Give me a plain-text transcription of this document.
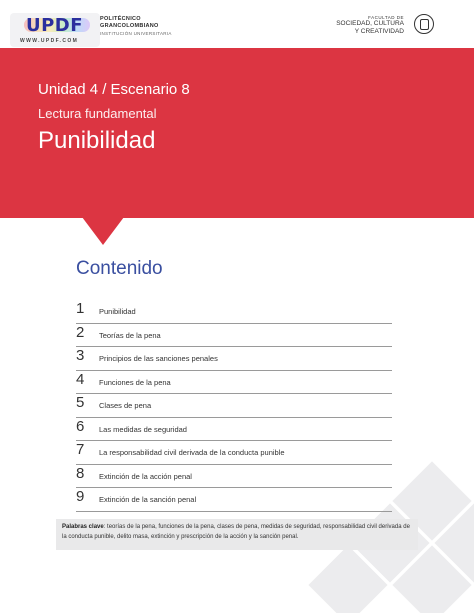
UPDF
WWW.UPDF.COM
POLITÉCNICO
GRANCOLOMBIANO
INSTITUCIÓN UNIVERSITARIA
FACULTAD DE
SOCIEDAD, CULTURA
Y CREATIVIDAD
Unidad 4 / Escenario 8
Lectura fundamental
Punibilidad
Contenido
1	Punibilidad
2	Teorías de la pena
3	Principios de las sanciones penales
4	Funciones de la pena
5	Clases de pena
6	Las medidas de seguridad
7	La responsabilidad civil derivada de la conducta punible
8	Extinción de la acción penal
9	Extinción de la sanción penal
Palabras clave: teorías de la pena, funciones de la pena, clases de pena, medidas de seguridad, responsabilidad civil derivada de la conducta punible, delito masa, extinción y prescripción de la acción y la sanción penal.
